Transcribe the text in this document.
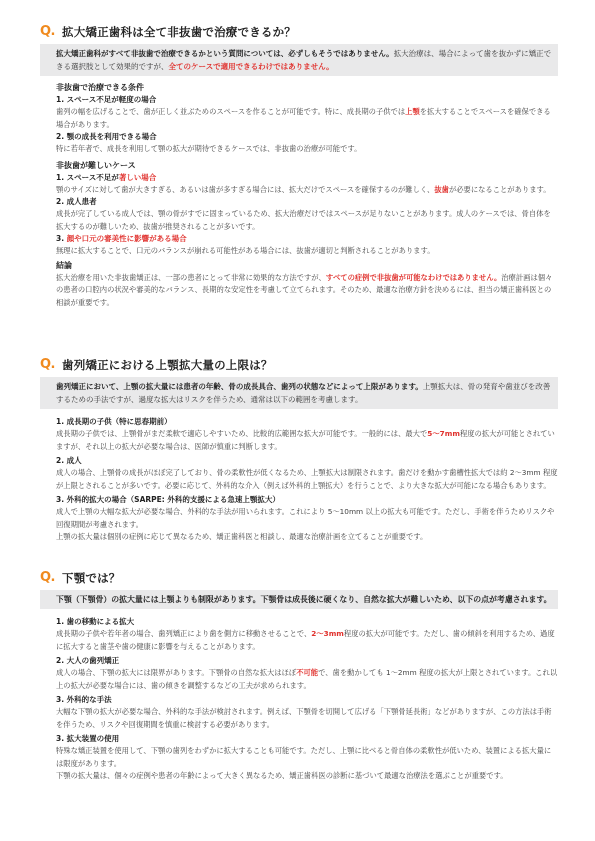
Q. 拡大矯正歯科は全て非抜歯で治療できるか？
拡大矯正歯科がすべて非抜歯で治療できるかという質問については、必ずしもそうではありません。拡大治療は、場合によって歯を抜かずに矯正できる選択肢として効果的ですが、全てのケースで適用できるわけではありません。
非抜歯で治療できる条件
1. スペース不足が軽度の場合
歯列の幅を広げることで、歯が正しく並ぶためのスペースを作ることが可能です。特に、成長期の子供では上顎を拡大することでスペースを確保できる場合があります。
2. 顎の成長を利用できる場合
特に若年者で、成長を利用して顎の拡大が期待できるケースでは、非抜歯の治療が可能です。
非抜歯が難しいケース
1. スペース不足が著しい場合
顎のサイズに対して歯が大きすぎる、あるいは歯が多すぎる場合には、拡大だけでスペースを確保するのが難しく、抜歯が必要になることがあります。
2. 成人患者
成長が完了している成人では、顎の骨がすでに固まっているため、拡大治療だけではスペースが足りないことがあります。成人のケースでは、骨自体を拡大するのが難しいため、抜歯が推奨されることが多いです。
3. 顔や口元の審美性に影響がある場合
無理に拡大することで、口元のバランスが崩れる可能性がある場合には、抜歯が適切と判断されることがあります。
結論
拡大治療を用いた非抜歯矯正は、一部の患者にとって非常に効果的な方法ですが、すべての症例で非抜歯が可能なわけではありません。治療計画は個々の患者の口腔内の状況や審美的なバランス、長期的な安定性を考慮して立てられます。そのため、最適な治療方針を決めるには、担当の矯正歯科医との相談が重要です。
Q. 歯列矯正における上顎拡大量の上限は？
歯列矯正において、上顎の拡大量には患者の年齢、骨の成長具合、歯列の状態などによって上限があります。上顎拡大は、骨の発育や歯並びを改善するための手法ですが、過度な拡大はリスクを伴うため、通常は以下の範囲を考慮します。
1. 成長期の子供（特に思春期前）
成長期の子供では、上顎骨がまだ柔軟で適応しやすいため、比較的広範囲な拡大が可能です。一般的には、最大で5〜7mm程度の拡大が可能とされていますが、それ以上の拡大が必要な場合は、医師が慎重に判断します。
2. 成人
成人の場合、上顎骨の成長がほぼ完了しており、骨の柔軟性が低くなるため、上顎拡大は制限されます。歯だけを動かす歯槽性拡大では約 2〜3mm 程度が上限とされることが多いです。必要に応じて、外科的な介入（例えば外科的上顎拡大）を行うことで、より大きな拡大が可能になる場合もあります。
3. 外科的拡大の場合（SARPE: 外科的支援による急速上顎拡大）
成人で上顎の大幅な拡大が必要な場合、外科的な手法が用いられます。これにより 5〜10mm 以上の拡大も可能です。ただし、手術を伴うためリスクや回復期間が考慮されます。
上顎の拡大量は個別の症例に応じて異なるため、矯正歯科医と相談し、最適な治療計画を立てることが重要です。
Q. 下顎では？
下顎（下顎骨）の拡大量には上顎よりも制限があります。下顎骨は成長後に硬くなり、自然な拡大が難しいため、以下の点が考慮されます。
1. 歯の移動による拡大
成長期の子供や若年者の場合、歯列矯正により歯を側方に移動させることで、2〜3mm程度の拡大が可能です。ただし、歯の傾斜を利用するため、過度に拡大すると歯茎や歯の健康に影響を与えることがあります。
2. 大人の歯列矯正
成人の場合、下顎の拡大には限界があります。下顎骨の自然な拡大はほぼ不可能で、歯を動かしても 1〜2mm 程度の拡大が上限とされています。これ以上の拡大が必要な場合には、歯の傾きを調整するなどの工夫が求められます。
3. 外科的な手法
大幅な下顎の拡大が必要な場合、外科的な手法が検討されます。例えば、下顎骨を切開して広げる「下顎骨延長術」などがありますが、この方法は手術を伴うため、リスクや回復期間を慎重に検討する必要があります。
3. 拡大装置の使用
特殊な矯正装置を使用して、下顎の歯列をわずかに拡大することも可能です。ただし、上顎に比べると骨自体の柔軟性が低いため、装置による拡大量には限度があります。
下顎の拡大量は、個々の症例や患者の年齢によって大きく異なるため、矯正歯科医の診断に基づいて最適な治療法を選ぶことが重要です。
